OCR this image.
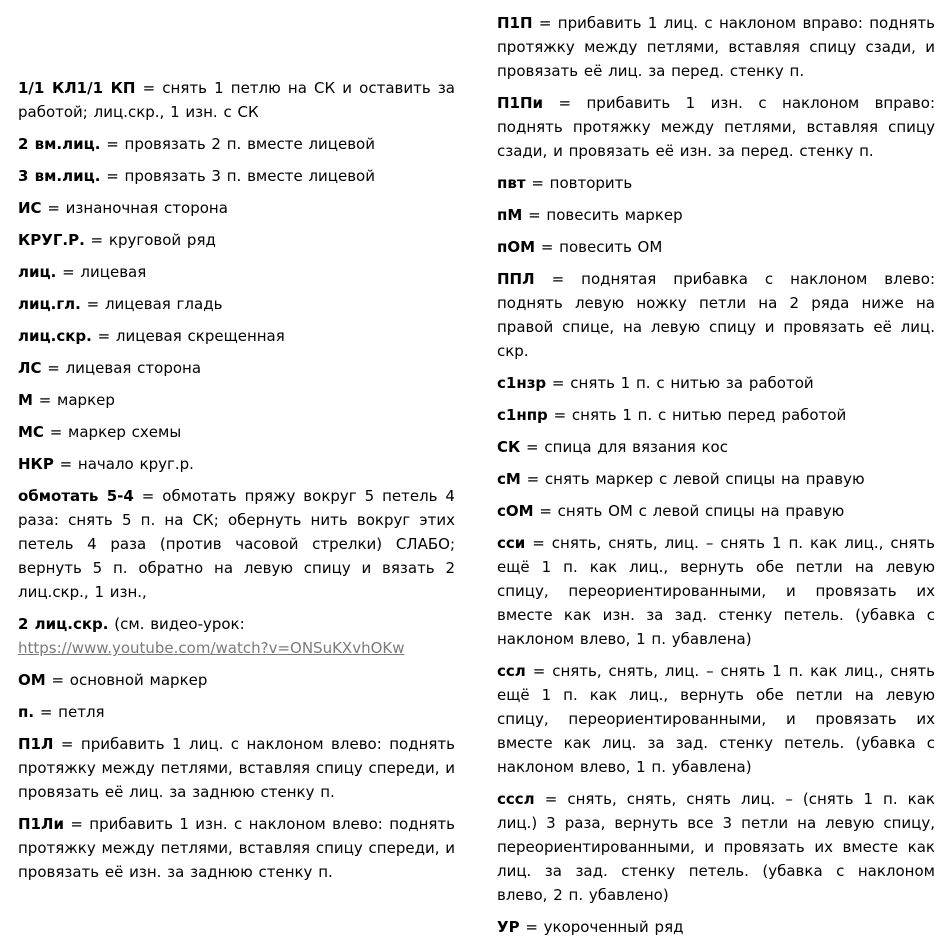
1/1 КЛ1/1 КП = снять 1 петлю на СК и оставить за работой; лиц.скр., 1 изн. с СК
2 вм.лиц. = провязать 2 п. вместе лицевой
3 вм.лиц. = провязать 3 п. вместе лицевой
ИС = изнаночная сторона
КРУГ.Р. = круговой ряд
лиц. = лицевая
лиц.гл. = лицевая гладь
лиц.скр. = лицевая скрещенная
ЛС = лицевая сторона
М = маркер
МС = маркер схемы
НКР = начало круг.р.
обмотать 5-4 = обмотать пряжу вокруг 5 петель 4 раза: снять 5 п. на СК; обернуть нить вокруг этих петель 4 раза (против часовой стрелки) СЛАБО; вернуть 5 п. обратно на левую спицу и вязать 2 лиц.скр., 1 изн.,
2 лиц.скр. (см. видео-урок:
https://www.youtube.com/watch?v=ONSuKXvhOKw
ОМ = основной маркер
п. = петля
П1Л = прибавить 1 лиц. с наклоном влево: поднять протяжку между петлями, вставляя спицу спереди, и провязать её лиц. за заднюю стенку п.
П1Ли = прибавить 1 изн. с наклоном влево: поднять протяжку между петлями, вставляя спицу спереди, и провязать её изн. за заднюю стенку п.
П1П = прибавить 1 лиц. с наклоном вправо: поднять протяжку между петлями, вставляя спицу сзади, и провязать её лиц. за перед. стенку п.
П1Пи = прибавить 1 изн. с наклоном вправо: поднять протяжку между петлями, вставляя спицу сзади, и провязать её изн. за перед. стенку п.
пвт = повторить
пМ = повесить маркер
пОМ = повесить ОМ
ППЛ = поднятая прибавка с наклоном влево: поднять левую ножку петли на 2 ряда ниже на правой спице, на левую спицу и провязать её лиц. скр.
с1нзр = снять 1 п. с нитью за работой
с1нпр = снять 1 п. с нитью перед работой
СК = спица для вязания кос
сМ = снять маркер с левой спицы на правую
сОМ = снять ОМ с левой спицы на правую
сси = снять, снять, лиц. – снять 1 п. как лиц., снять ещё 1 п. как лиц., вернуть обе петли на левую спицу, переориентированными, и провязать их вместе как изн. за зад. стенку петель. (убавка с наклоном влево, 1 п. убавлена)
ссл = снять, снять, лиц. – снять 1 п. как лиц., снять ещё 1 п. как лиц., вернуть обе петли на левую спицу, переориентированными, и провязать их вместе как лиц. за зад. стенку петель. (убавка с наклоном влево, 1 п. убавлена)
сссл = снять, снять, снять лиц. – (снять 1 п. как лиц.) 3 раза, вернуть все 3 петли на левую спицу, переориентированными, и провязать их вместе как лиц. за зад. стенку петель. (убавка с наклоном влево, 2 п. убавлено)
УР = укороченный ряд
